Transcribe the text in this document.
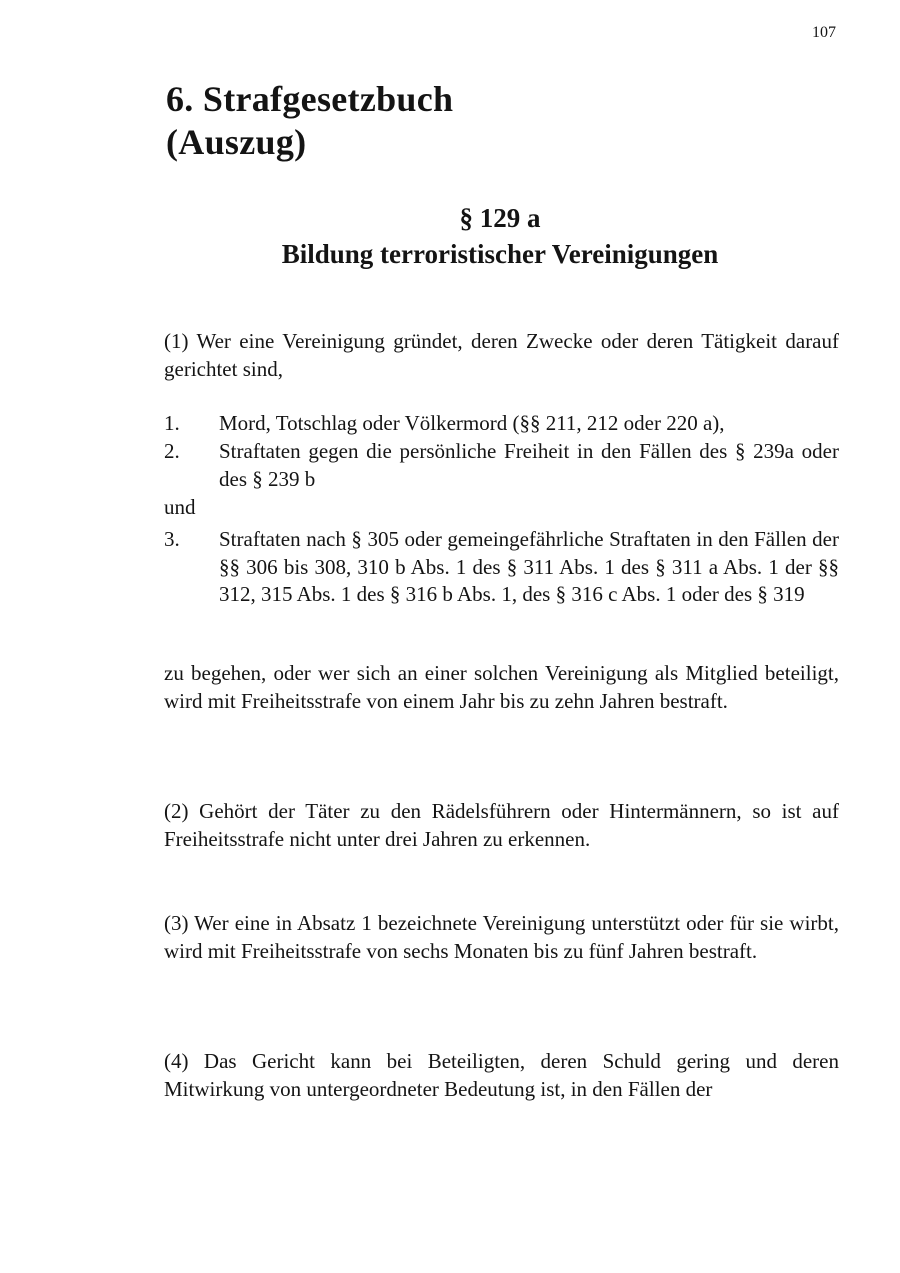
107
6. Strafgesetzbuch
(Auszug)
§ 129 a
Bildung terroristischer Vereinigungen

(1) Wer eine Vereinigung gründet, deren Zwecke oder deren Tätigkeit darauf gerichtet sind,

1.	Mord, Totschlag oder Völkermord (§§ 211, 212 oder 220 a),
2.	Straftaten gegen die persönliche Freiheit in den Fällen des § 239a oder des § 239 b

und

3.	Straftaten nach § 305 oder gemeingefährliche Straftaten in den Fällen der §§ 306 bis 308, 310 b Abs. 1 des § 311 Abs. 1 des § 311 a Abs. 1 der §§ 312, 315 Abs. 1 des § 316 b Abs. 1, des § 316 c Abs. 1 oder des § 319

zu begehen, oder wer sich an einer solchen Vereinigung als Mitglied beteiligt, wird mit Freiheitsstrafe von einem Jahr bis zu zehn Jahren bestraft.

(2) Gehört der Täter zu den Rädelsführern oder Hintermännern, so ist auf Freiheitsstrafe nicht unter drei Jahren zu erkennen.

(3) Wer eine in Absatz 1 bezeichnete Vereinigung unterstützt oder für sie wirbt, wird mit Freiheitsstrafe von sechs Monaten bis zu fünf Jahren bestraft.

(4) Das Gericht kann bei Beteiligten, deren Schuld gering und deren Mitwirkung von untergeordneter Bedeutung ist, in den Fällen der
